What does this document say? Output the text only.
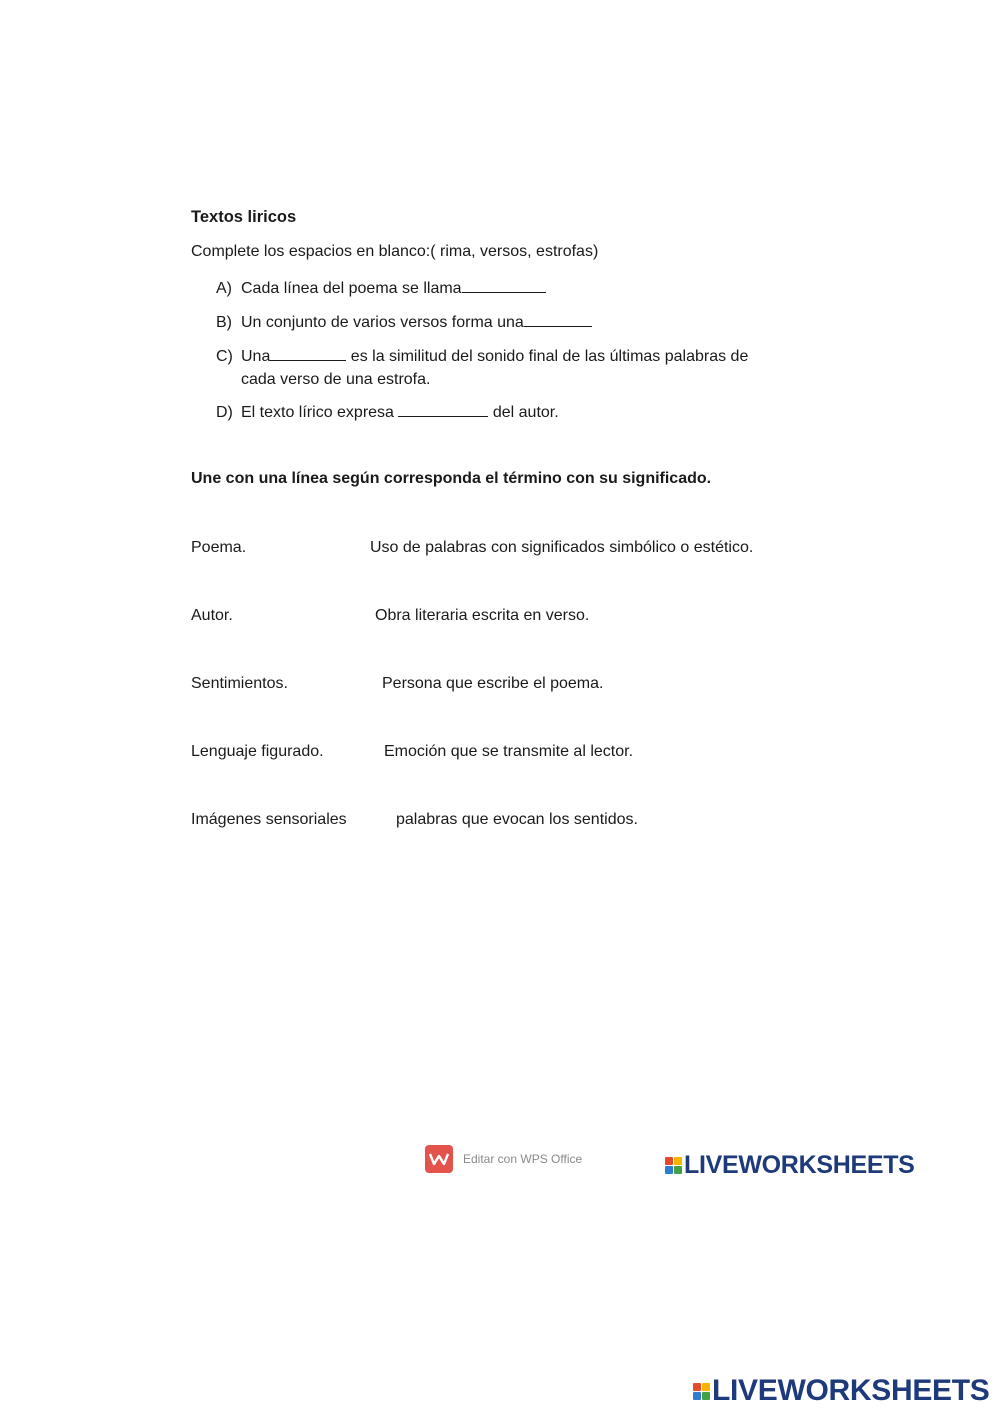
Textos liricos
Complete los espacios en blanco:( rima, versos, estrofas)
A) Cada línea del poema se llama
B) Un conjunto de varios versos forma una
C) Una	es la similitud del sonido final de las últimas palabras de cada verso de una estrofa.
D) El texto lírico expresa	del autor.
Une con una línea según corresponda el término con su significado.
Poema.	Uso de palabras con significados simbólico o estético.
Autor.	Obra literaria escrita en verso.
Sentimientos.	Persona que escribe el poema.
Lenguaje figurado.	Emoción que se transmite al lector.
Imágenes sensoriales	palabras que evocan los sentidos.
Editar con WPS Office	LIVEWORKSHEETS
LIVEWORKSHEETS
